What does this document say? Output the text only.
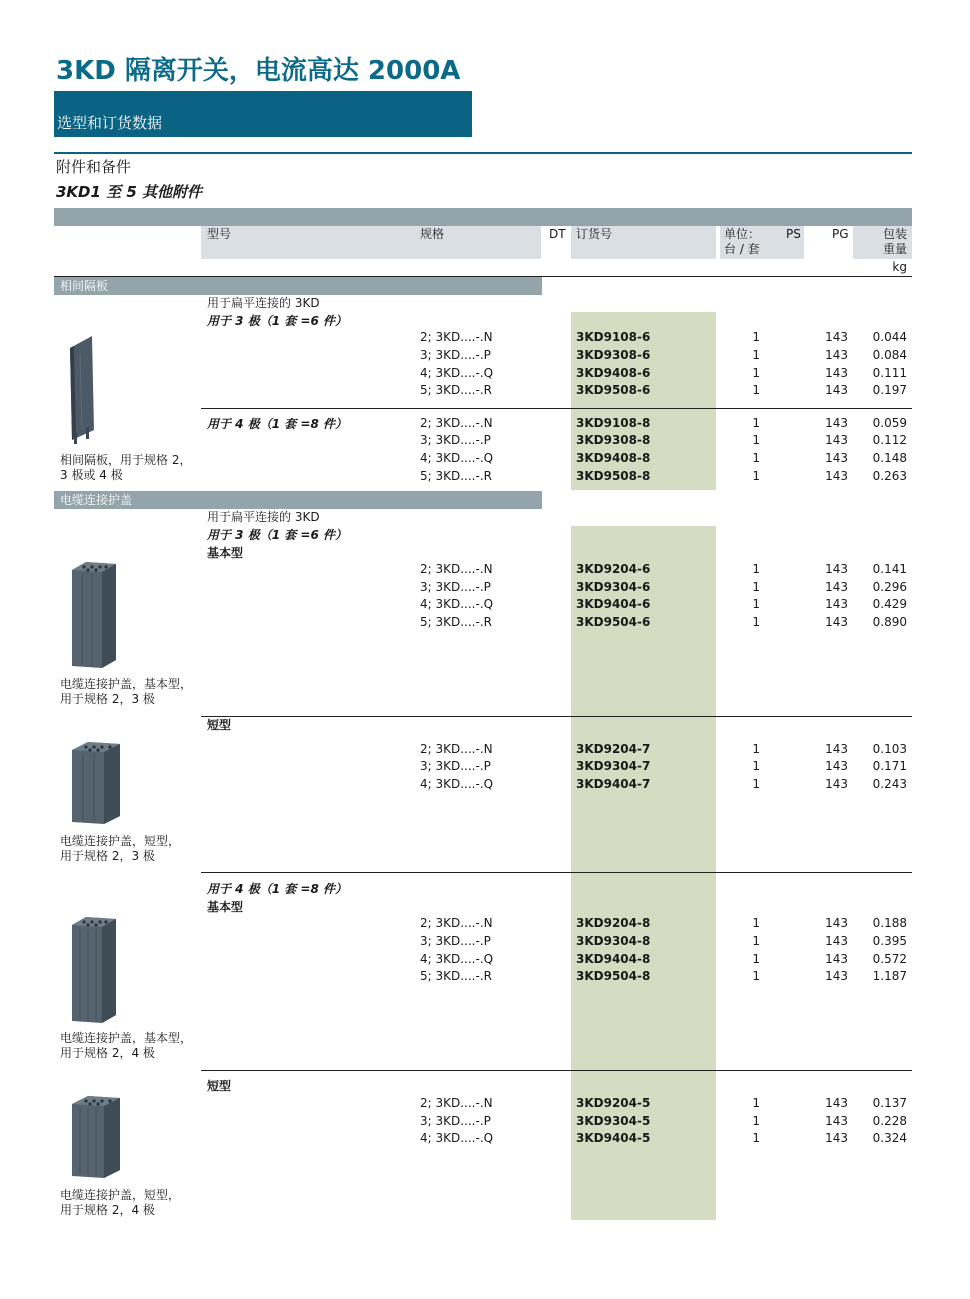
3KD 隔离开关，电流高达 2000A
选型和订货数据
附件和备件
3KD1 至 5 其他附件
型号	规格	DT 订货号	单位：
台 / 套
PS	PG	包装
重量
kg
相间隔板
用于扁平连接的 3KD
用于 3 极（1 套 =6 件）
2; 3KD....-.N	3KD9108-6	1	143	0.044
3; 3KD....-.P	3KD9308-6	1	143	0.084
4; 3KD....-.Q	3KD9408-6	1	143	0.111
5; 3KD....-.R	3KD9508-6	1	143	0.197
用于 4 极（1 套 =8 件）	2; 3KD....-.N	3KD9108-8	1	143	0.059
3; 3KD....-.P	3KD9308-8	1	143	0.112
4; 3KD....-.Q	3KD9408-8	1	143	0.148
5; 3KD....-.R	3KD9508-8	1	143	0.263
相间隔板，用于规格 2，
3 极或 4 极
电缆连接护盖
用于扁平连接的 3KD
用于 3 极（1 套 =6 件）
基本型
2; 3KD....-.N	3KD9204-6	1	143	0.141
3; 3KD....-.P	3KD9304-6	1	143	0.296
4; 3KD....-.Q	3KD9404-6	1	143	0.429
5; 3KD....-.R	3KD9504-6	1	143	0.890
电缆连接护盖，基本型，
用于规格 2，3 极
短型
2; 3KD....-.N	3KD9204-7	1	143	0.103
3; 3KD....-.P	3KD9304-7	1	143	0.171
4; 3KD....-.Q	3KD9404-7	1	143	0.243
电缆连接护盖，短型，
用于规格 2，3 极
用于 4 极（1 套 =8 件）
基本型
2; 3KD....-.N	3KD9204-8	1	143	0.188
3; 3KD....-.P	3KD9304-8	1	143	0.395
4; 3KD....-.Q	3KD9404-8	1	143	0.572
5; 3KD....-.R	3KD9504-8	1	143	1.187
电缆连接护盖，基本型，
用于规格 2，4 极
短型
2; 3KD....-.N	3KD9204-5	1	143	0.137
3; 3KD....-.P	3KD9304-5	1	143	0.228
4; 3KD....-.Q	3KD9404-5	1	143	0.324
电缆连接护盖，短型，
用于规格 2，4 极
